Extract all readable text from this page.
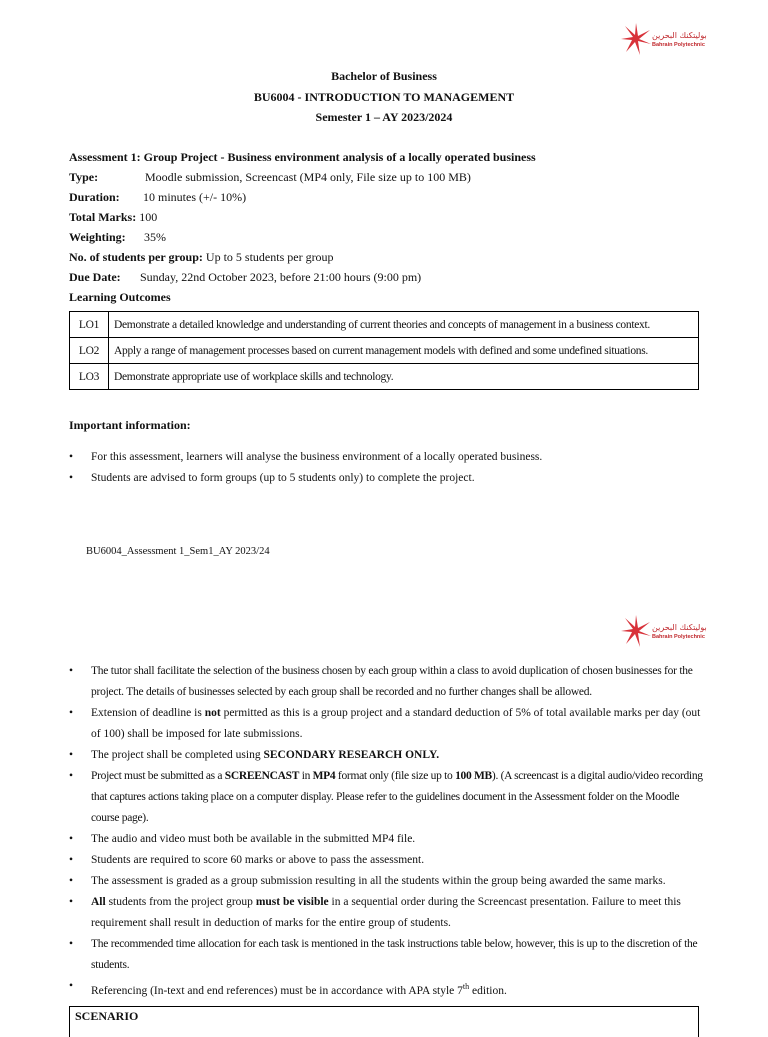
بوليتكنك البحرين
Bahrain Polytechnic
Bachelor of Business
BU6004 - INTRODUCTION TO MANAGEMENT
Semester 1 – AY 2023/2024
Assessment 1: Group Project - Business environment analysis of a locally operated business
Type:	Moodle submission, Screencast (MP4 only, File size up to 100 MB)
Duration: 10 minutes (+/- 10%)
Total Marks: 100
Weighting: 35%
No. of students per group: Up to 5 students per group
Due Date: Sunday, 22nd October 2023, before 21:00 hours (9:00 pm)
Learning Outcomes
LO1	Demonstrate a detailed knowledge and understanding of current theories and concepts of management in a business context.
LO2	Apply a range of management processes based on current management models with defined and some undefined situations.
LO3	Demonstrate appropriate use of workplace skills and technology.
Important information:
• For this assessment, learners will analyse the business environment of a locally operated business.
• Students are advised to form groups (up to 5 students only) to complete the project.
BU6004_Assessment 1_Sem1_AY 2023/24
بوليتكنك البحرين
Bahrain Polytechnic
• The tutor shall facilitate the selection of the business chosen by each group within a class to avoid duplication of chosen businesses for the project. The details of businesses selected by each group shall be recorded and no further changes shall be allowed.
• Extension of deadline is not permitted as this is a group project and a standard deduction of 5% of total available marks per day (out of 100) shall be imposed for late submissions.
• The project shall be completed using SECONDARY RESEARCH ONLY.
• Project must be submitted as a SCREENCAST in MP4 format only (file size up to 100 MB). (A screencast is a digital audio/video recording that captures actions taking place on a computer display. Please refer to the guidelines document in the Assessment folder on the Moodle course page).
• The audio and video must both be available in the submitted MP4 file.
• Students are required to score 60 marks or above to pass the assessment.
• The assessment is graded as a group submission resulting in all the students within the group being awarded the same marks.
• All students from the project group must be visible in a sequential order during the Screencast presentation. Failure to meet this requirement shall result in deduction of marks for the entire group of students.
• The recommended time allocation for each task is mentioned in the task instructions table below, however, this is up to the discretion of the students.
• Referencing (In-text and end references) must be in accordance with APA style 7th edition.
SCENARIO
